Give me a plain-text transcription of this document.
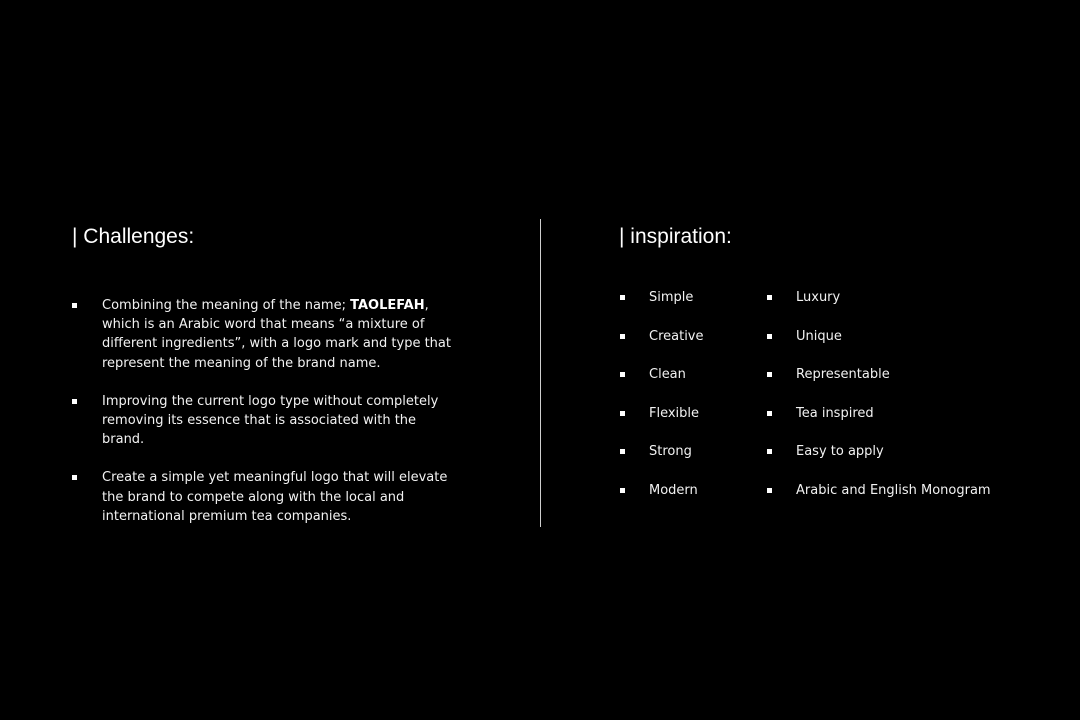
| Challenges:	| inspiration:
Combining the meaning of the name; TAOLEFAH, which is an Arabic word that means “a mixture of different ingredients”, with a logo mark and type that represent the meaning of the brand name.
Improving the current logo type without completely removing its essence that is associated with the brand.
Create a simple yet meaningful logo that will elevate the brand to compete along with the local and international premium tea companies.
Simple
Creative
Clean
Flexible
Strong
Modern
Luxury
Unique
Representable
Tea inspired
Easy to apply
Arabic and English Monogram
